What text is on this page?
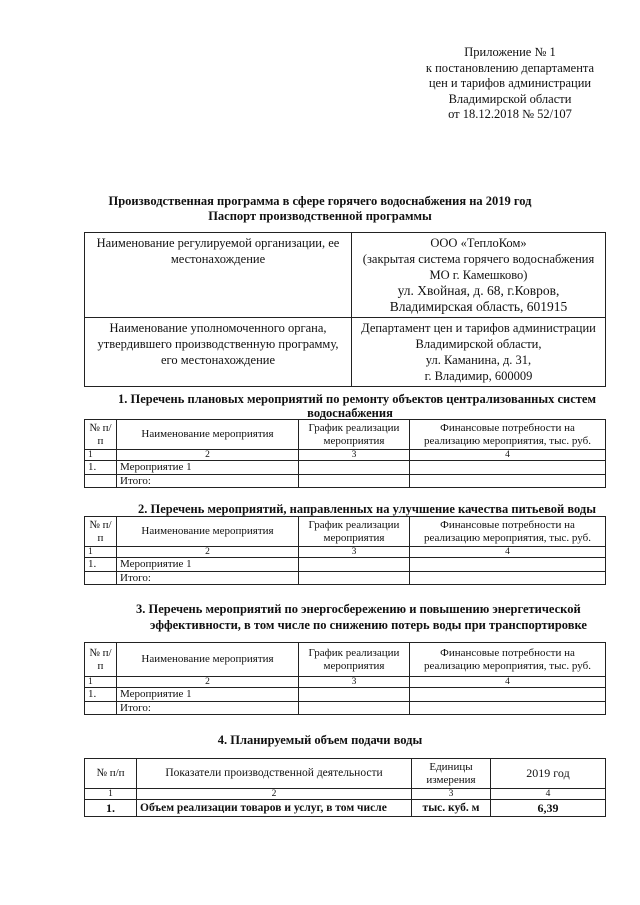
Приложение № 1
к постановлению департамента
цен и тарифов администрации
Владимирской области
от 18.12.2018 № 52/107
Производственная программа в сфере горячего водоснабжения на 2019 год
Паспорт производственной программы
Наименование регулируемой организации, ее местонахождение	ООО «ТеплоКом»
(закрытая система горячего водоснабжения
МО г. Камешково)
ул. Хвойная, д. 68, г.Ковров,
Владимирская область, 601915

Наименование уполномоченного органа, утвердившего производственную программу, его местонахождение	Департамент цен и тарифов администрации
Владимирской области,
ул. Каманина, д. 31,
г. Владимир, 600009
1. Перечень плановых мероприятий по ремонту объектов централизованных систем
водоснабжения
№ п/п	Наименование мероприятия	График реализации мероприятия	Финансовые потребности на реализацию мероприятия, тыс. руб.
1	2	3	4
1.	Мероприятие 1		
	Итого:		
2. Перечень мероприятий, направленных на улучшение качества питьевой воды
№ п/п	Наименование мероприятия	График реализации мероприятия	Финансовые потребности на реализацию мероприятия, тыс. руб.
1	2	3	4
1.	Мероприятие 1		
	Итого:		
3. Перечень мероприятий по энергосбережению и повышению энергетической
эффективности, в том числе по снижению потерь воды при транспортировке
№ п/п	Наименование мероприятия	График реализации мероприятия	Финансовые потребности на реализацию мероприятия, тыс. руб.
1	2	3	4
1.	Мероприятие 1		
	Итого:		
4. Планируемый объем подачи воды
№ п/п	Показатели производственной деятельности	Единицы измерения	2019 год
1	2	3	4
1.	Объем реализации товаров и услуг, в том числе	тыс. куб. м	6,39
